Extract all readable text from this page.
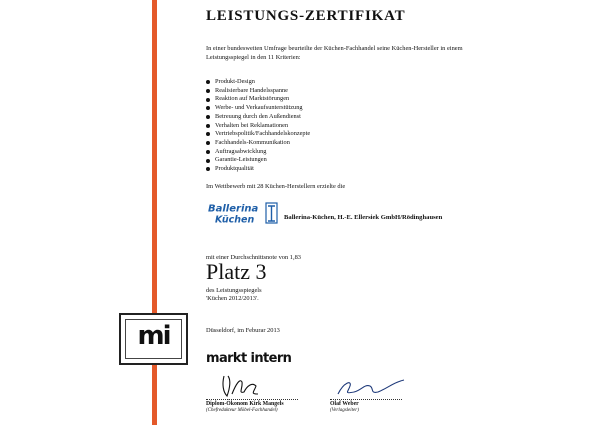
mi
LEISTUNGS-ZERTIFIKAT
In einer bundesweiten Umfrage beurteilte der Küchen-Fachhandel seine Küchen-Hersteller in einem Leistungsspiegel in den 11 Kriterien:
Produkt-Design
Realisierbare Handelsspanne
Reaktion auf Marktstörungen
Werbe- und Verkaufsunterstützung
Betreuung durch den Außendienst
Verhalten bei Reklamationen
Vertriebspolitik/Fachhandelskonzepte
Fachhandels-Kommunikation
Auftragsabwicklung
Garantie-Leistungen
Produktqualität
Im Wettbewerb mit 28 Küchen-Herstellern erzielte die
Ballerina
Küchen	Ballerina-Küchen, H.-E. Ellersiek GmbH/Rödinghausen
mit einer Durchschnittsnote von 1,83
Platz 3
des Leistungsspiegels
'Küchen 2012/2013'.
Düsseldorf, im Feburar 2013
markt intern
Diplom-Ökonom Kirk Mangels
(Chefredakteur Möbel-Fachhandel)
Olaf Weber
(Verlagsleiter)
